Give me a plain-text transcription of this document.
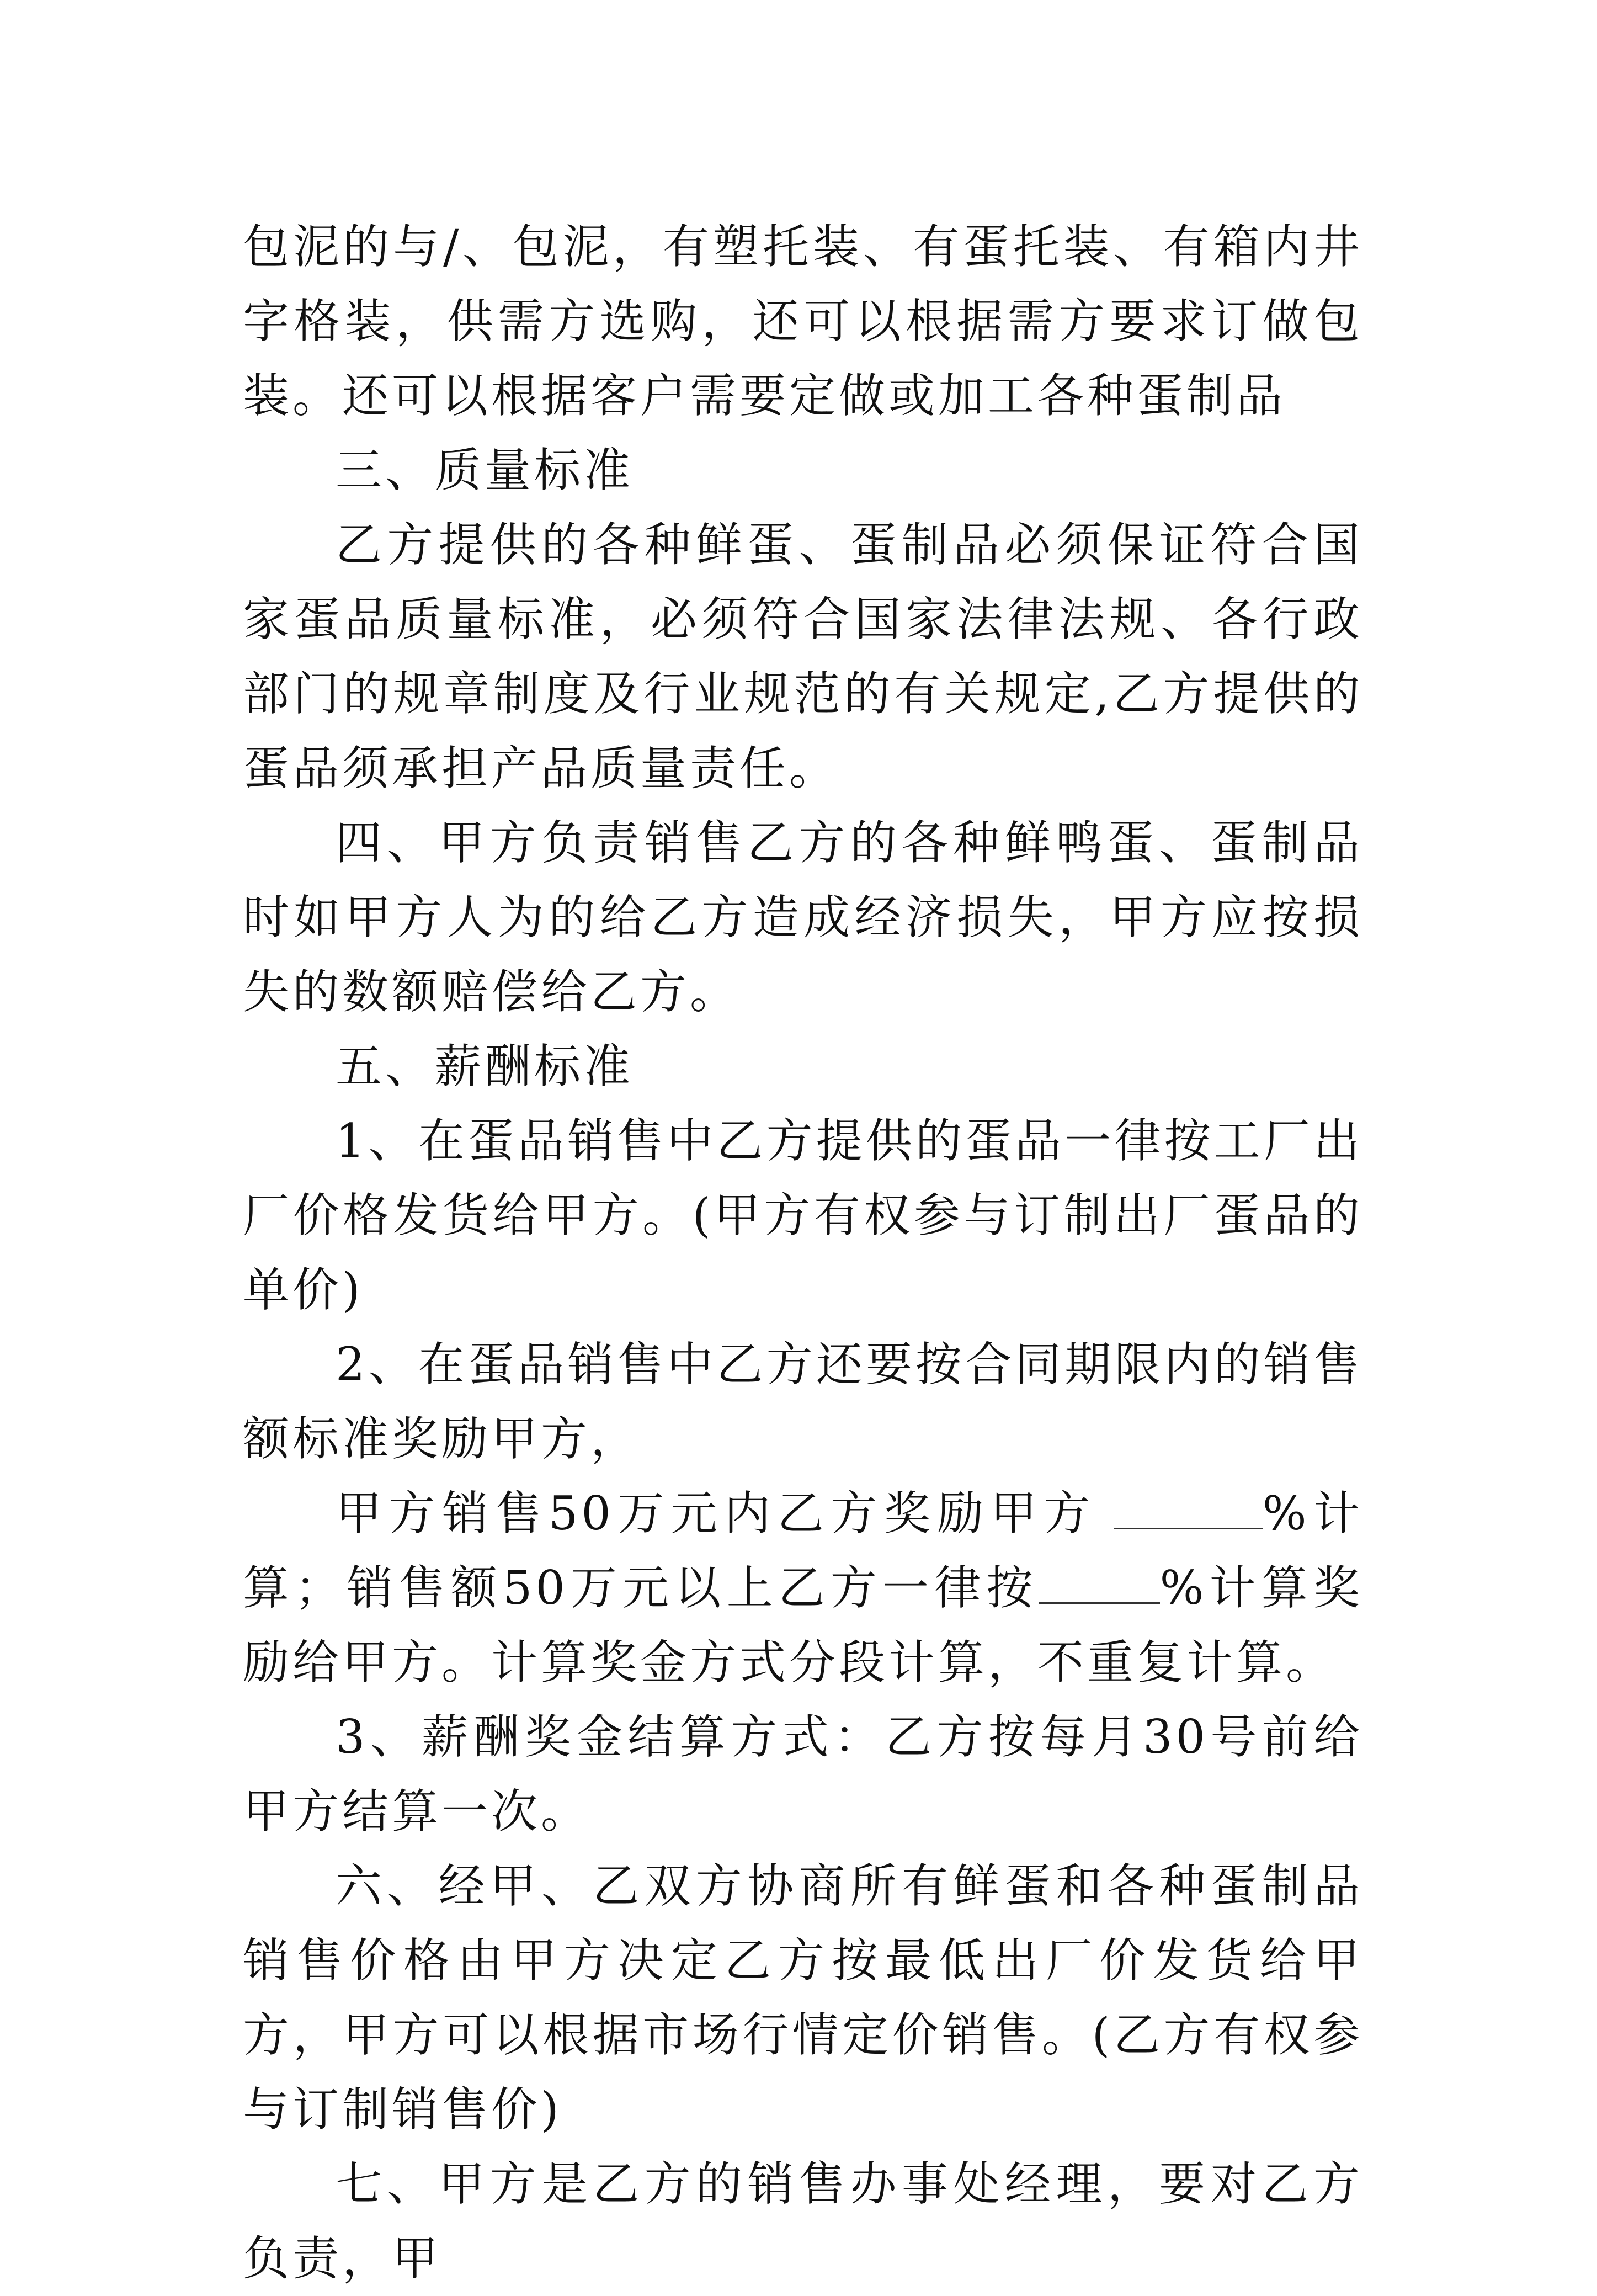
包泥的与/、包泥，有塑托装、有蛋托装、有箱内井字格装，供需方选购，还可以根据需方要求订做包装。还可以根据客户需要定做或加工各种蛋制品

三、质量标准

乙方提供的各种鲜蛋、蛋制品必须保证符合国家蛋品质量标准，必须符合国家法律法规、各行政部门的规章制度及行业规范的有关规定,乙方提供的蛋品须承担产品质量责任。

四、甲方负责销售乙方的各种鲜鸭蛋、蛋制品时如甲方人为的给乙方造成经济损失，甲方应按损失的数额赔偿给乙方。

五、薪酬标准

1、在蛋品销售中乙方提供的蛋品一律按工厂出厂价格发货给甲方。(甲方有权参与订制出厂蛋品的单价)

2、在蛋品销售中乙方还要按合同期限内的销售额标准奖励甲方，

甲方销售50万元内乙方奖励甲方	%计算；销售额50万元以上乙方一律按	%计算奖励给甲方。计算奖金方式分段计算，不重复计算。

3、薪酬奖金结算方式：乙方按每月30号前给甲方结算一次。

六、经甲、乙双方协商所有鲜蛋和各种蛋制品销售价格由甲方决定乙方按最低出厂价发货给甲方，甲方可以根据市场行情定价销售。(乙方有权参与订制销售价)

七、甲方是乙方的销售办事处经理，要对乙方负责，甲
